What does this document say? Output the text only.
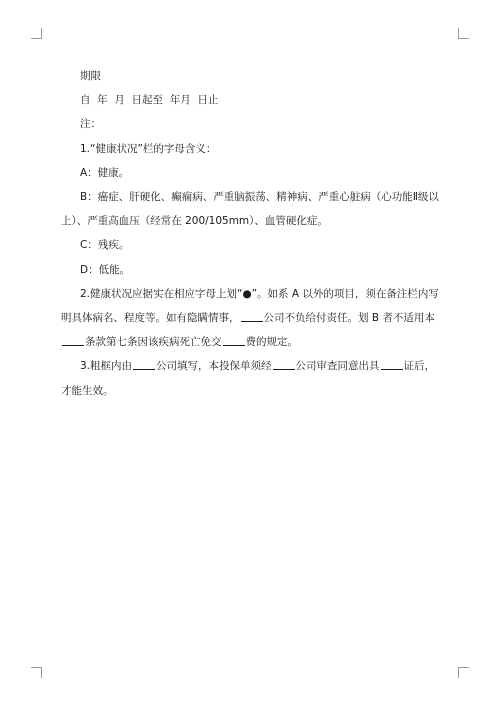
期限

自  年  月  日起至  年月  日止

注：

1.“健康状况”栏的字母含义：

A：健康。

B：癌症、肝硬化、癫痫病、严重脑振荡、精神病、严重心脏病（心功能Ⅱ级以上）、严重高血压（经常在 200/105mm）、血管硬化症。

C：残疾。

D：低能。

2.健康状况应据实在相应字母上划“●”。如系 A 以外的项目，须在备注栏内写明具体病名、程度等。如有隐瞒情事， 公司不负给付责任。划 B 者不适用本条款第七条因该疾病死亡免交 费的规定。

3.粗框内由 公司填写，本投保单须经 公司审查同意出具 证后，才能生效。
